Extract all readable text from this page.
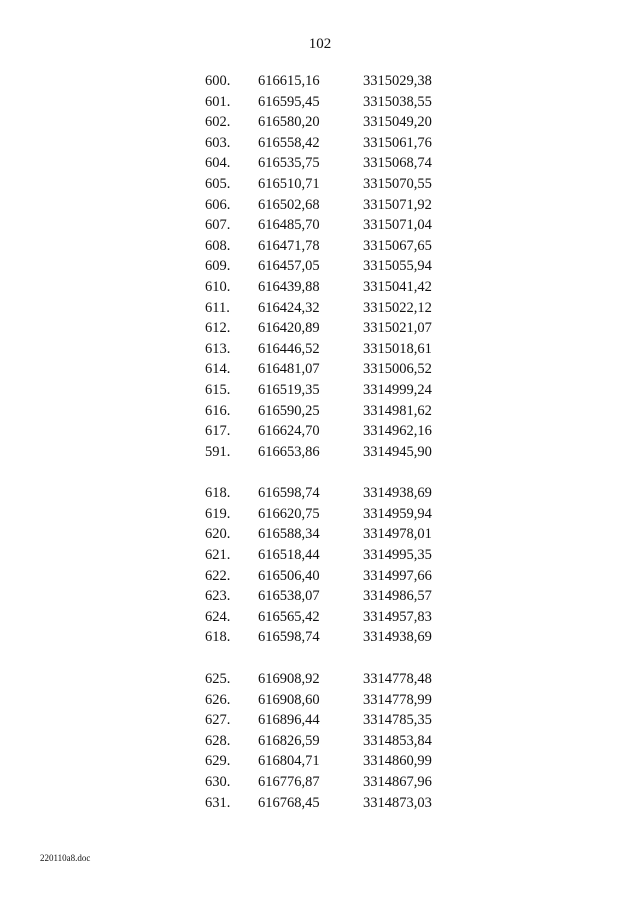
102
600. 616615,16	3315029,38
601. 616595,45	3315038,55
602. 616580,20	3315049,20
603. 616558,42	3315061,76
604. 616535,75	3315068,74
605. 616510,71	3315070,55
606. 616502,68	3315071,92
607. 616485,70	3315071,04
608. 616471,78	3315067,65
609. 616457,05	3315055,94
610. 616439,88	3315041,42
611. 616424,32	3315022,12
612. 616420,89	3315021,07
613. 616446,52	3315018,61
614. 616481,07	3315006,52
615. 616519,35	3314999,24
616. 616590,25	3314981,62
617. 616624,70	3314962,16
591. 616653,86	3314945,90
618. 616598,74	3314938,69
619. 616620,75	3314959,94
620. 616588,34	3314978,01
621. 616518,44	3314995,35
622. 616506,40	3314997,66
623. 616538,07	3314986,57
624. 616565,42	3314957,83
618. 616598,74	3314938,69
625. 616908,92	3314778,48
626. 616908,60	3314778,99
627. 616896,44	3314785,35
628. 616826,59	3314853,84
629. 616804,71	3314860,99
630. 616776,87	3314867,96
631. 616768,45	3314873,03
220110a8.doc
